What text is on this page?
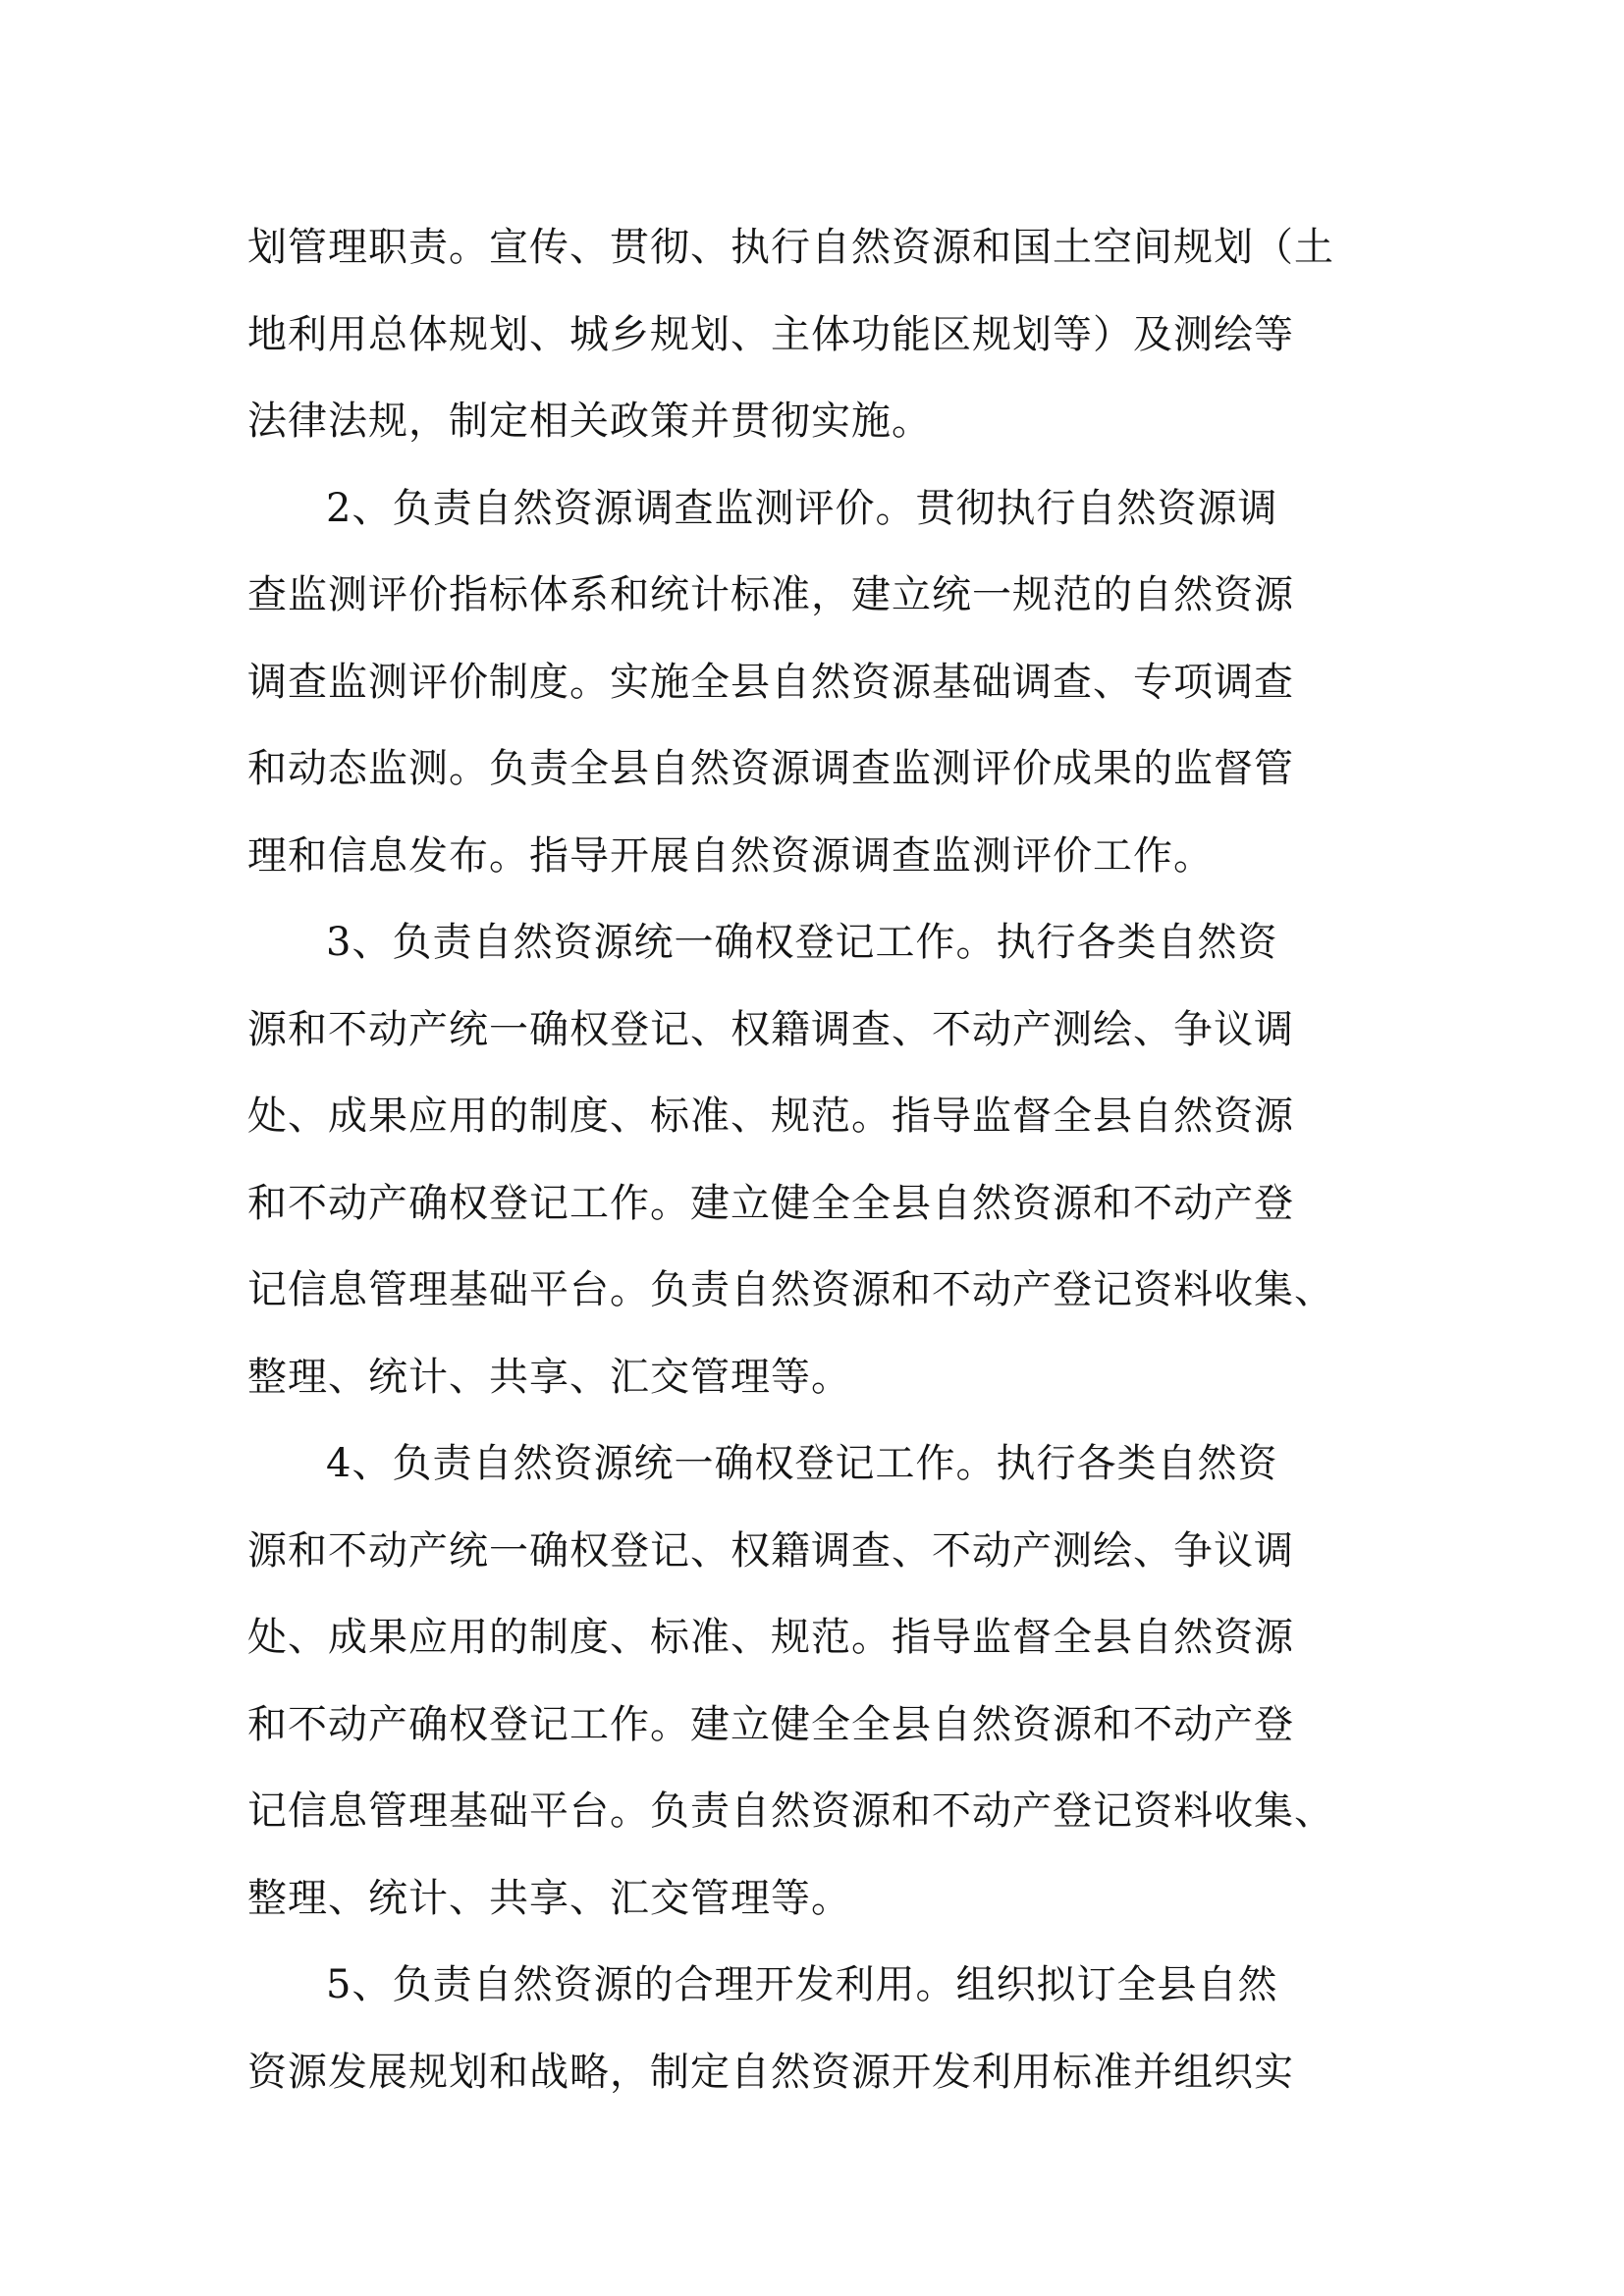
划管理职责。宣传、贯彻、执行自然资源和国土空间规划（土
地利用总体规划、城乡规划、主体功能区规划等）及测绘等
法律法规，制定相关政策并贯彻实施。
2、负责自然资源调查监测评价。贯彻执行自然资源调
查监测评价指标体系和统计标准，建立统一规范的自然资源
调查监测评价制度。实施全县自然资源基础调查、专项调查
和动态监测。负责全县自然资源调查监测评价成果的监督管
理和信息发布。指导开展自然资源调查监测评价工作。
3、负责自然资源统一确权登记工作。执行各类自然资
源和不动产统一确权登记、权籍调查、不动产测绘、争议调
处、成果应用的制度、标准、规范。指导监督全县自然资源
和不动产确权登记工作。建立健全全县自然资源和不动产登
记信息管理基础平台。负责自然资源和不动产登记资料收集、
整理、统计、共享、汇交管理等。
4、负责自然资源统一确权登记工作。执行各类自然资
源和不动产统一确权登记、权籍调查、不动产测绘、争议调
处、成果应用的制度、标准、规范。指导监督全县自然资源
和不动产确权登记工作。建立健全全县自然资源和不动产登
记信息管理基础平台。负责自然资源和不动产登记资料收集、
整理、统计、共享、汇交管理等。
5、负责自然资源的合理开发利用。组织拟订全县自然
资源发展规划和战略，制定自然资源开发利用标准并组织实
